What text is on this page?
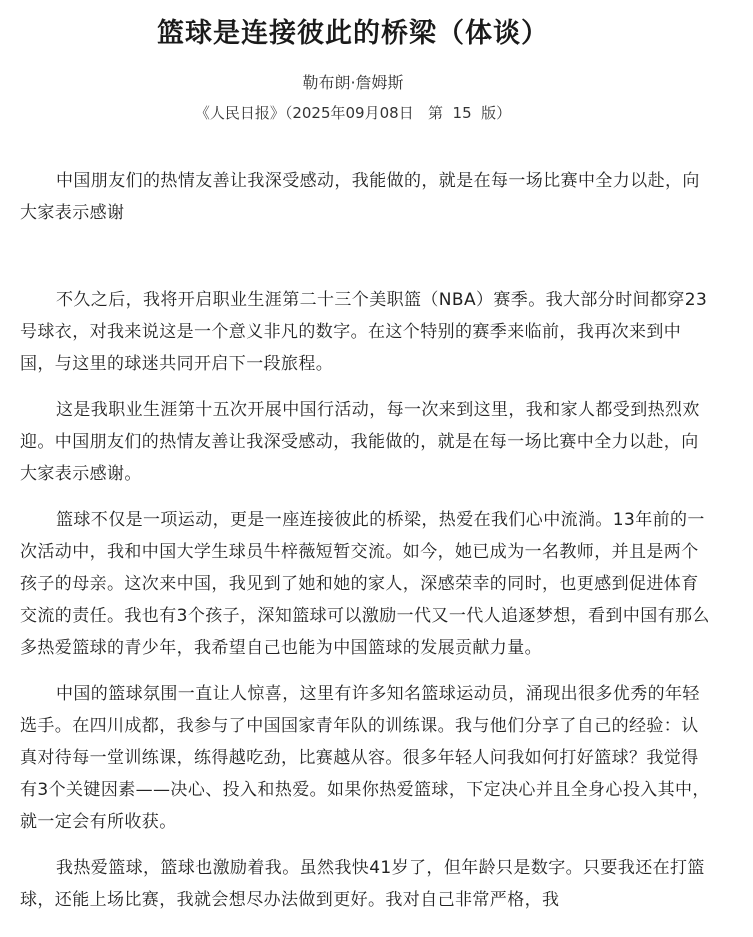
篮球是连接彼此的桥梁（体谈）
勒布朗·詹姆斯
《人民日报》（2025年09月08日   第  15  版）
中国朋友们的热情友善让我深受感动，我能做的，就是在每一场比赛中全力以赴，向大家表示感谢

不久之后，我将开启职业生涯第二十三个美职篮（NBA）赛季。我大部分时间都穿23号球衣，对我来说这是一个意义非凡的数字。在这个特别的赛季来临前，我再次来到中国，与这里的球迷共同开启下一段旅程。

这是我职业生涯第十五次开展中国行活动，每一次来到这里，我和家人都受到热烈欢迎。中国朋友们的热情友善让我深受感动，我能做的，就是在每一场比赛中全力以赴，向大家表示感谢。

篮球不仅是一项运动，更是一座连接彼此的桥梁，热爱在我们心中流淌。13年前的一次活动中，我和中国大学生球员牛梓薇短暂交流。如今，她已成为一名教师，并且是两个孩子的母亲。这次来中国，我见到了她和她的家人，深感荣幸的同时，也更感到促进体育交流的责任。我也有3个孩子，深知篮球可以激励一代又一代人追逐梦想，看到中国有那么多热爱篮球的青少年，我希望自己也能为中国篮球的发展贡献力量。

中国的篮球氛围一直让人惊喜，这里有许多知名篮球运动员，涌现出很多优秀的年轻选手。在四川成都，我参与了中国国家青年队的训练课。我与他们分享了自己的经验：认真对待每一堂训练课，练得越吃劲，比赛越从容。很多年轻人问我如何打好篮球？我觉得有3个关键因素——决心、投入和热爱。如果你热爱篮球，下定决心并且全身心投入其中，就一定会有所收获。

我热爱篮球，篮球也激励着我。虽然我快41岁了，但年龄只是数字。只要我还在打篮球，还能上场比赛，我就会想尽办法做到更好。我对自己非常严格，我
